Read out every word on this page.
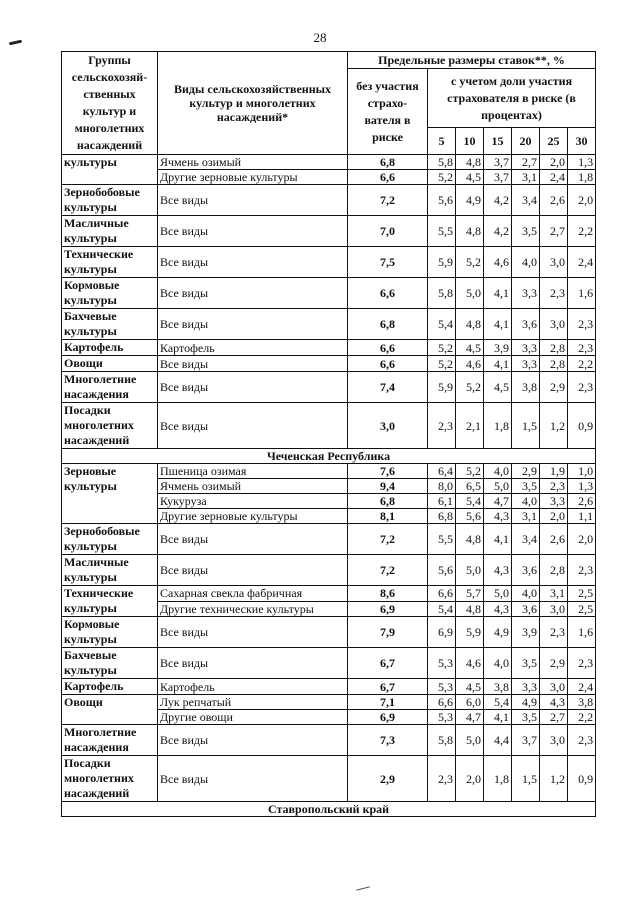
28
Группы сельскохозяй-ственных культур и многолетних насаждений	Виды сельскохозяйственных культур и многолетних насаждений*	Предельные размеры ставок**, %						
		без участия страхо-вателя в риске	с учетом доли участия страхователя в риске (в процентах)					
			5	10	15	20	25	30
культуры	Ячмень озимый	6,8	5,8	4,8	3,7	2,7	2,0	1,3
	Другие зерновые культуры	6,6	5,2	4,5	3,7	3,1	2,4	1,8
Зернобобовые культуры	Все виды	7,2	5,6	4,9	4,2	3,4	2,6	2,0
Масличные культуры	Все виды	7,0	5,5	4,8	4,2	3,5	2,7	2,2
Технические культуры	Все виды	7,5	5,9	5,2	4,6	4,0	3,0	2,4
Кормовые культуры	Все виды	6,6	5,8	5,0	4,1	3,3	2,3	1,6
Бахчевые культуры	Все виды	6,8	5,4	4,8	4,1	3,6	3,0	2,3
Картофель	Картофель	6,6	5,2	4,5	3,9	3,3	2,8	2,3
Овощи	Все виды	6,6	5,2	4,6	4,1	3,3	2,8	2,2
Многолетние насаждения	Все виды	7,4	5,9	5,2	4,5	3,8	2,9	2,3
Посадки многолетних насаждений	Все виды	3,0	2,3	2,1	1,8	1,5	1,2	0,9
Чеченская Республика								
Зерновые культуры	Пшеница озимая	7,6	6,4	5,2	4,0	2,9	1,9	1,0
	Ячмень озимый	9,4	8,0	6,5	5,0	3,5	2,3	1,3
	Кукуруза	6,8	6,1	5,4	4,7	4,0	3,3	2,6
	Другие зерновые культуры	8,1	6,8	5,6	4,3	3,1	2,0	1,1
Зернобобовые культуры	Все виды	7,2	5,5	4,8	4,1	3,4	2,6	2,0
Масличные культуры	Все виды	7,2	5,6	5,0	4,3	3,6	2,8	2,3
Технические культуры	Сахарная свекла фабричная	8,6	6,6	5,7	5,0	4,0	3,1	2,5
	Другие технические культуры	6,9	5,4	4,8	4,3	3,6	3,0	2,5
Кормовые культуры	Все виды	7,9	6,9	5,9	4,9	3,9	2,3	1,6
Бахчевые культуры	Все виды	6,7	5,3	4,6	4,0	3,5	2,9	2,3
Картофель	Картофель	6,7	5,3	4,5	3,8	3,3	3,0	2,4
Овощи	Лук репчатый	7,1	6,6	6,0	5,4	4,9	4,3	3,8
	Другие овощи	6,9	5,3	4,7	4,1	3,5	2,7	2,2
Многолетние насаждения	Все виды	7,3	5,8	5,0	4,4	3,7	3,0	2,3
Посадки многолетних насаждений	Все виды	2,9	2,3	2,0	1,8	1,5	1,2	0,9
Ставропольский край								
